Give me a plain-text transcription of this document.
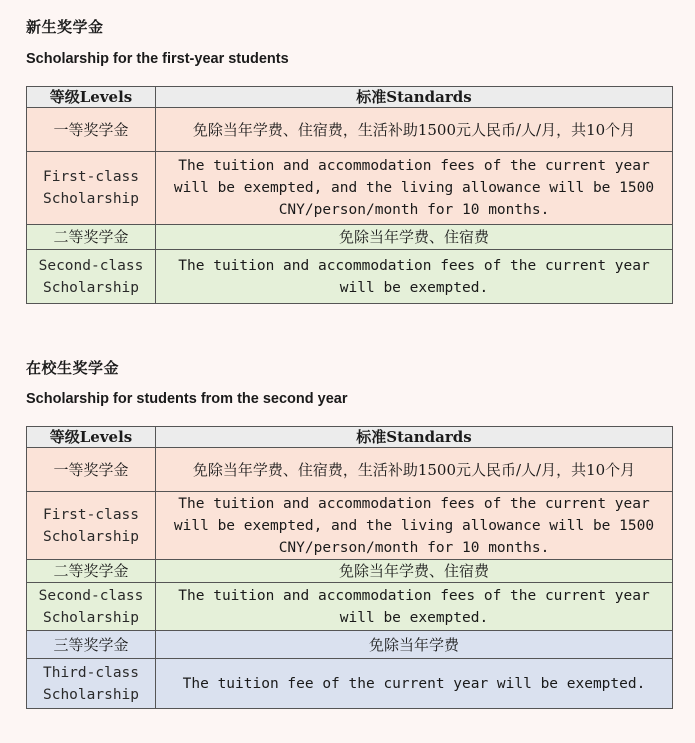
新生奖学金
Scholarship for the first-year students
等级Levels	标准Standards
一等奖学金	免除当年学费、住宿费，生活补助1500元人民币/人/月，共10个月
First-class Scholarship	The tuition and accommodation fees of the current year will be exempted, and the living allowance will be 1500 CNY/person/month for 10 months.
二等奖学金	免除当年学费、住宿费
Second-class Scholarship	The tuition and accommodation fees of the current year will be exempted.
在校生奖学金
Scholarship for students from the second year
等级Levels	标准Standards
一等奖学金	免除当年学费、住宿费，生活补助1500元人民币/人/月，共10个月
First-class Scholarship	The tuition and accommodation fees of the current year will be exempted, and the living allowance will be 1500 CNY/person/month for 10 months.
二等奖学金	免除当年学费、住宿费
Second-class Scholarship	The tuition and accommodation fees of the current year will be exempted.
三等奖学金	免除当年学费
Third-class Scholarship	The tuition fee of the current year will be exempted.
